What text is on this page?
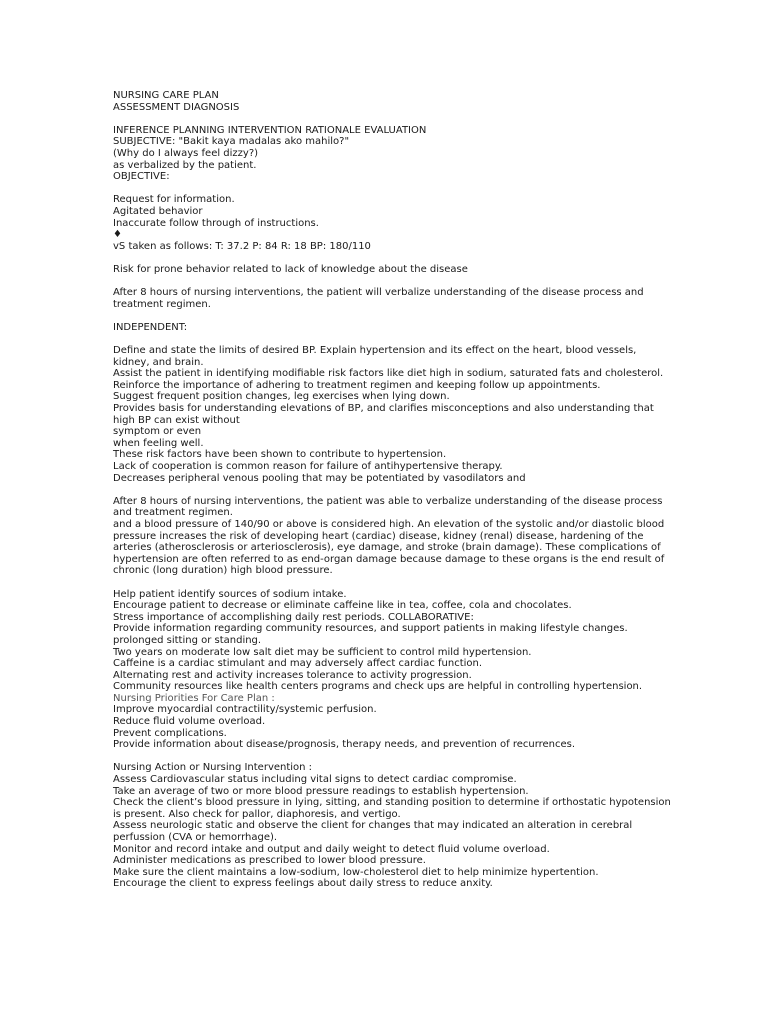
NURSING CARE PLAN
ASSESSMENT DIAGNOSIS
INFERENCE PLANNING INTERVENTION RATIONALE EVALUATION
SUBJECTIVE: "Bakit kaya madalas ako mahilo?"
(Why do I always feel dizzy?)
as verbalized by the patient.
OBJECTIVE:
Request for information.
Agitated behavior
Inaccurate follow through of instructions.
♦
vS taken as follows: T: 37.2 P: 84 R: 18 BP: 180/110
Risk for prone behavior related to lack of knowledge about the disease
After 8 hours of nursing interventions, the patient will verbalize understanding of the disease process and
treatment regimen.
INDEPENDENT:
Define and state the limits of desired BP. Explain hypertension and its effect on the heart, blood vessels,
kidney, and brain.
Assist the patient in identifying modifiable risk factors like diet high in sodium, saturated fats and cholesterol.
Reinforce the importance of adhering to treatment regimen and keeping follow up appointments.
Suggest frequent position changes, leg exercises when lying down.
Provides basis for understanding elevations of BP, and clarifies misconceptions and also understanding that
high BP can exist without
symptom or even
when feeling well.
These risk factors have been shown to contribute to hypertension.
Lack of cooperation is common reason for failure of antihypertensive therapy.
Decreases peripheral venous pooling that may be potentiated by vasodilators and
After 8 hours of nursing interventions, the patient was able to verbalize understanding of the disease process
and treatment regimen.
and a blood pressure of 140/90 or above is considered high. An elevation of the systolic and/or diastolic blood
pressure increases the risk of developing heart (cardiac) disease, kidney (renal) disease, hardening of the
arteries (atherosclerosis or arteriosclerosis), eye damage, and stroke (brain damage). These complications of
hypertension are often referred to as end-organ damage because damage to these organs is the end result of
chronic (long duration) high blood pressure.
Help patient identify sources of sodium intake.
Encourage patient to decrease or eliminate caffeine like in tea, coffee, cola and chocolates.
Stress importance of accomplishing daily rest periods. COLLABORATIVE:
Provide information regarding community resources, and support patients in making lifestyle changes.
prolonged sitting or standing.
Two years on moderate low salt diet may be sufficient to control mild hypertension.
Caffeine is a cardiac stimulant and may adversely affect cardiac function.
Alternating rest and activity increases tolerance to activity progression.
Community resources like health centers programs and check ups are helpful in controlling hypertension.
Nursing Priorities For Care Plan :
Improve myocardial contractility/systemic perfusion.
Reduce fluid volume overload.
Prevent complications.
Provide information about disease/prognosis, therapy needs, and prevention of recurrences.
Nursing Action or Nursing Intervention :
Assess Cardiovascular status including vital signs to detect cardiac compromise.
Take an average of two or more blood pressure readings to establish hypertension.
Check the client’s blood pressure in lying, sitting, and standing position to determine if orthostatic hypotension
is present. Also check for pallor, diaphoresis, and vertigo.
Assess neurologic static and observe the client for changes that may indicated an alteration in cerebral
perfussion (CVA or hemorrhage).
Monitor and record intake and output and daily weight to detect fluid volume overload.
Administer medications as prescribed to lower blood pressure.
Make sure the client maintains a low-sodium, low-cholesterol diet to help minimize hypertention.
Encourage the client to express feelings about daily stress to reduce anxity.
